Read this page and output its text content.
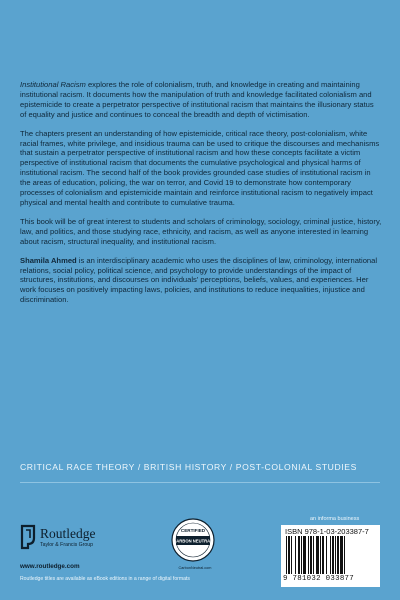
Institutional Racism explores the role of colonialism, truth, and knowledge in creating and maintaining institutional racism. It documents how the manipulation of truth and knowledge facilitated colonialism and epistemicide to create a perpetrator perspective of institutional racism that maintains the illusionary status of equality and justice and continues to conceal the breadth and depth of victimisation.

The chapters present an understanding of how epistemicide, critical race theory, post-colonialism, white racial frames, white privilege, and insidious trauma can be used to critique the discourses and mechanisms that sustain a perpetrator perspective of institutional racism and how these concepts facilitate a victim perspective of institutional racism that documents the cumulative psychological and physical harms of institutional racism. The second half of the book provides grounded case studies of institutional racism in the areas of education, policing, the war on terror, and Covid 19 to demonstrate how contemporary processes of colonialism and epistemicide maintain and reinforce institutional racism to negatively impact physical and mental health and contribute to cumulative trauma.

This book will be of great interest to students and scholars of criminology, sociology, criminal justice, history, law, and politics, and those studying race, ethnicity, and racism, as well as anyone interested in learning about racism, structural inequality, and institutional racism.

Shamila Ahmed is an interdisciplinary academic who uses the disciplines of law, criminology, international relations, social policy, political science, and psychology to provide understandings of the impact of structures, institutions, and discourses on individuals' perceptions, beliefs, values, and experiences. Her work focuses on positively impacting laws, policies, and institutions to reduce inequalities, injustice and discrimination.

CRITICAL RACE THEORY / BRITISH HISTORY / POST-COLONIAL STUDIES
Routledge
Taylor & Francis Group
www.routledge.com
Routledge titles are available as eBook editions in a range of digital formats
CERTIFIED
CARBON NEUTRAL
CarbonNeutral.com
an informa business
ISBN 978-1-03-203387-7
9 781032 033877
